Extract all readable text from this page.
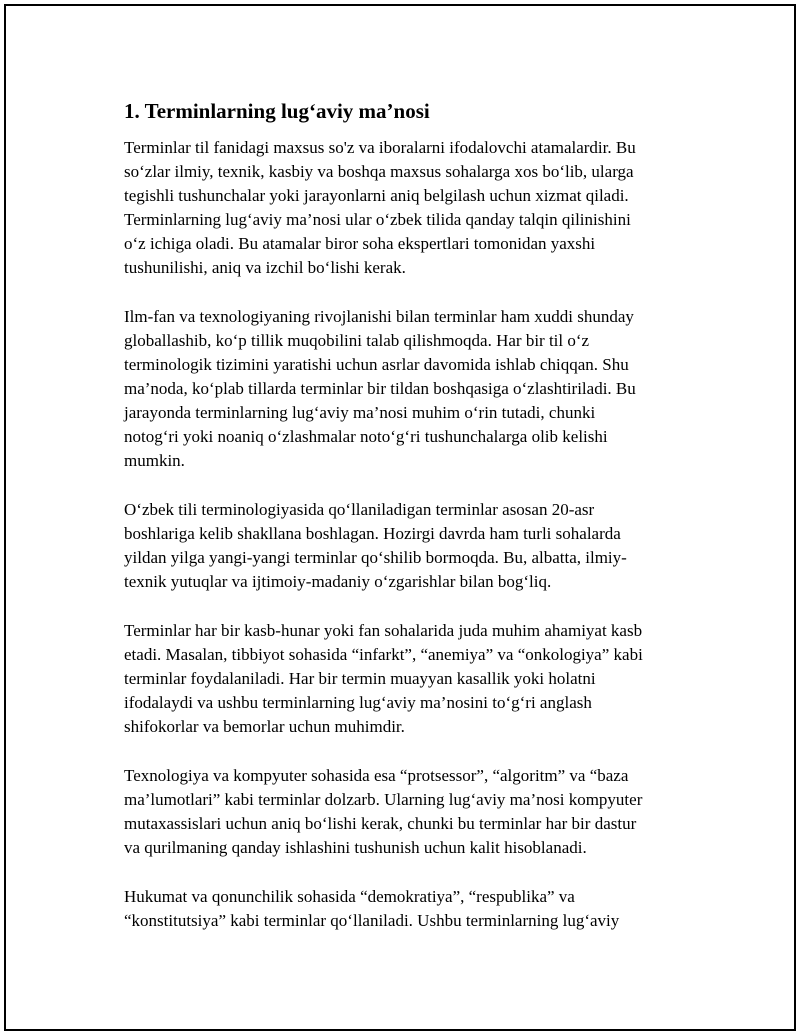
1. Terminlarning lug‘aviy ma’nosi

Terminlar til fanidagi maxsus so'z va iboralarni ifodalovchi atamalardir. Bu
so‘zlar ilmiy, texnik, kasbiy va boshqa maxsus sohalarga xos bo‘lib, ularga
tegishli tushunchalar yoki jarayonlarni aniq belgilash uchun xizmat qiladi.
Terminlarning lug‘aviy ma’nosi ular o‘zbek tilida qanday talqin qilinishini
o‘z ichiga oladi. Bu atamalar biror soha ekspertlari tomonidan yaxshi
tushunilishi, aniq va izchil bo‘lishi kerak.

Ilm-fan va texnologiyaning rivojlanishi bilan terminlar ham xuddi shunday
globallashib, ko‘p tillik muqobilini talab qilishmoqda. Har bir til o‘z
terminologik tizimini yaratishi uchun asrlar davomida ishlab chiqqan. Shu
ma’noda, ko‘plab tillarda terminlar bir tildan boshqasiga o‘zlashtiriladi. Bu
jarayonda terminlarning lug‘aviy ma’nosi muhim o‘rin tutadi, chunki
notog‘ri yoki noaniq o‘zlashmalar noto‘g‘ri tushunchalarga olib kelishi
mumkin.

O‘zbek tili terminologiyasida qo‘llaniladigan terminlar asosan 20-asr
boshlariga kelib shakllana boshlagan. Hozirgi davrda ham turli sohalarda
yildan yilga yangi-yangi terminlar qo‘shilib bormoqda. Bu, albatta, ilmiy-
texnik yutuqlar va ijtimoiy-madaniy o‘zgarishlar bilan bog‘liq.

Terminlar har bir kasb-hunar yoki fan sohalarida juda muhim ahamiyat kasb
etadi. Masalan, tibbiyot sohasida “infarkt”, “anemiya” va “onkologiya” kabi
terminlar foydalaniladi. Har bir termin muayyan kasallik yoki holatni
ifodalaydi va ushbu terminlarning lug‘aviy ma’nosini to‘g‘ri anglash
shifokorlar va bemorlar uchun muhimdir.

Texnologiya va kompyuter sohasida esa “protsessor”, “algoritm” va “baza
ma’lumotlari” kabi terminlar dolzarb. Ularning lug‘aviy ma’nosi kompyuter
mutaxassislari uchun aniq bo‘lishi kerak, chunki bu terminlar har bir dastur
va qurilmaning qanday ishlashini tushunish uchun kalit hisoblanadi.

Hukumat va qonunchilik sohasida “demokratiya”, “respublika” va
“konstitutsiya” kabi terminlar qo‘llaniladi. Ushbu terminlarning lug‘aviy
